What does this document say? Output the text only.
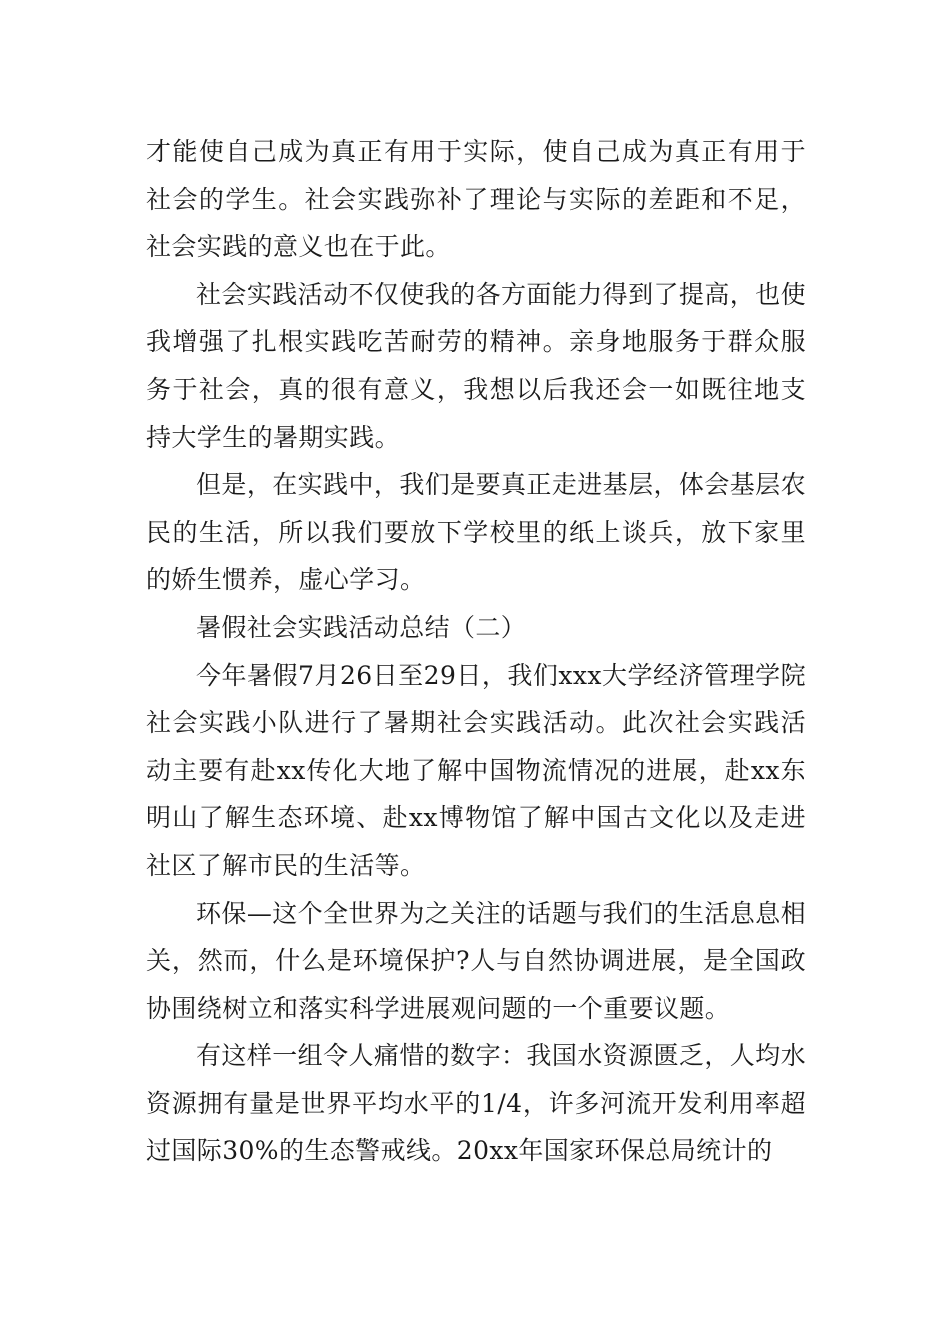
才能使自己成为真正有用于实际，使自己成为真正有用于社会的学生。社会实践弥补了理论与实际的差距和不足，社会实践的意义也在于此。

社会实践活动不仅使我的各方面能力得到了提高，也使我增强了扎根实践吃苦耐劳的精神。亲身地服务于群众服务于社会，真的很有意义，我想以后我还会一如既往地支持大学生的暑期实践。

但是，在实践中，我们是要真正走进基层，体会基层农民的生活，所以我们要放下学校里的纸上谈兵，放下家里的娇生惯养，虚心学习。

暑假社会实践活动总结（二）

今年暑假7月26日至29日，我们xxx大学经济管理学院社会实践小队进行了暑期社会实践活动。此次社会实践活动主要有赴xx传化大地了解中国物流情况的进展，赴xx东明山了解生态环境、赴xx博物馆了解中国古文化以及走进社区了解市民的生活等。

环保—这个全世界为之关注的话题与我们的生活息息相关，然而，什么是环境保护?人与自然协调进展，是全国政协围绕树立和落实科学进展观问题的一个重要议题。

有这样一组令人痛惜的数字：我国水资源匮乏，人均水资源拥有量是世界平均水平的1/4，许多河流开发利用率超过国际30%的生态警戒线。20xx年国家环保总局统计的
